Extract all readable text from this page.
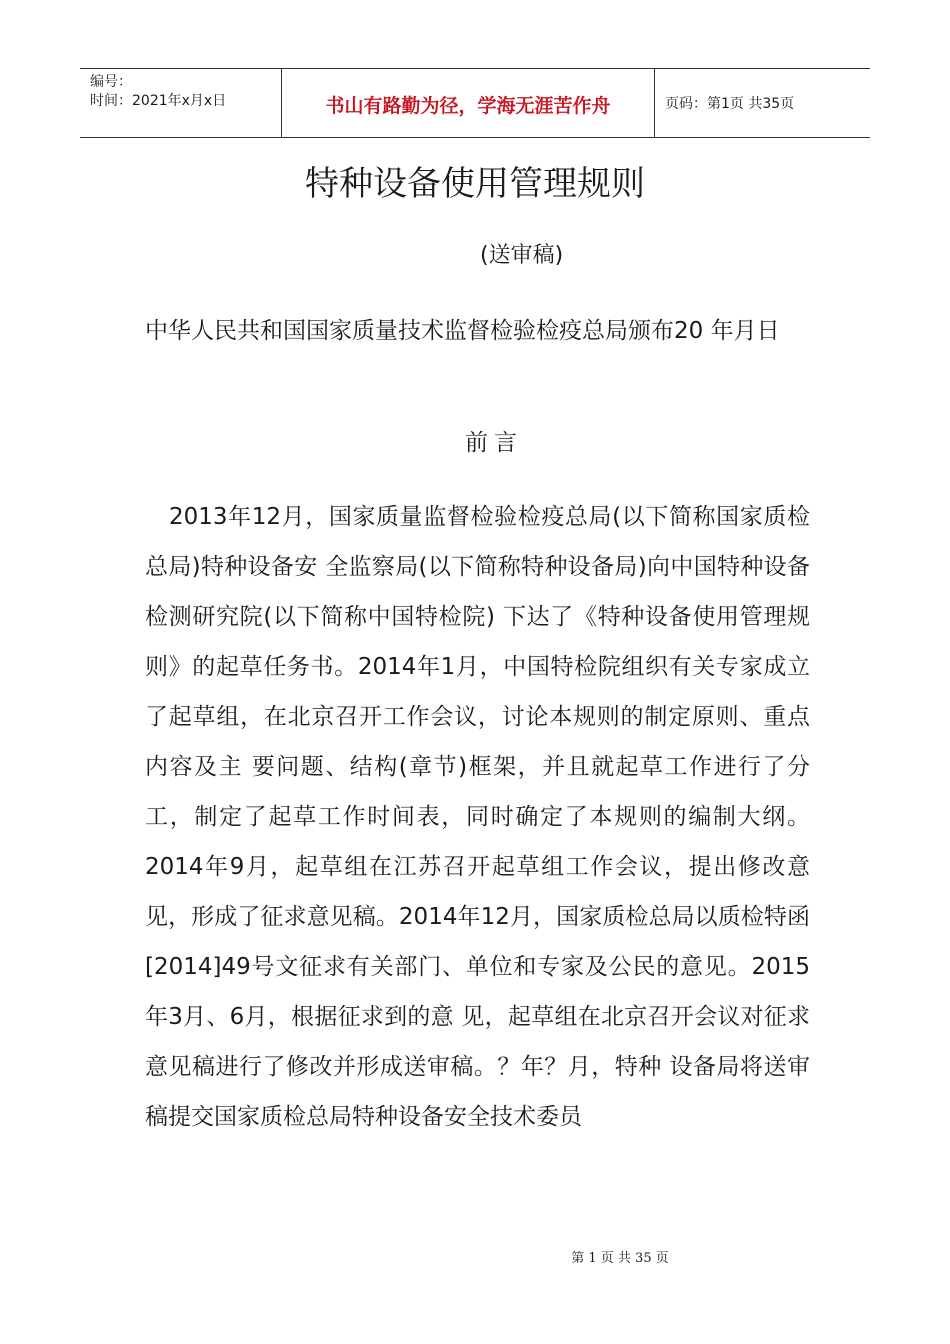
编号：
时间：2021年x月x日	书山有路勤为径，学海无涯苦作舟	页码：第1页 共35页
特种设备使用管理规则
(送审稿)
中华人民共和国国家质量技术监督检验检疫总局颁布20 年月日
前言

2013年12月，国家质量监督检验检疫总局(以下简称国家质检总局)特种设备安 全监察局(以下简称特种设备局)向中国特种设备检测研究院(以下简称中国特检院) 下达了《特种设备使用管理规则》的起草任务书。2014年1月，中国特检院组织有关专家成立了起草组，在北京召开工作会议，讨论本规则的制定原则、重点内容及主 要问题、结构(章节)框架，并且就起草工作进行了分工，制定了起草工作时间表，同时确定了本规则的编制大纲。2014年9月，起草组在江苏召开起草组工作会议，提出修改意见，形成了征求意见稿。2014年12月，国家质检总局以质检特函[2014]49号文征求有关部门、单位和专家及公民的意见。2015年3月、6月，根据征求到的意 见，起草组在北京召开会议对征求意见稿进行了修改并形成送审稿。？年？月，特种 设备局将送审稿提交国家质检总局特种设备安全技术委员

第 1 页 共 35 页
